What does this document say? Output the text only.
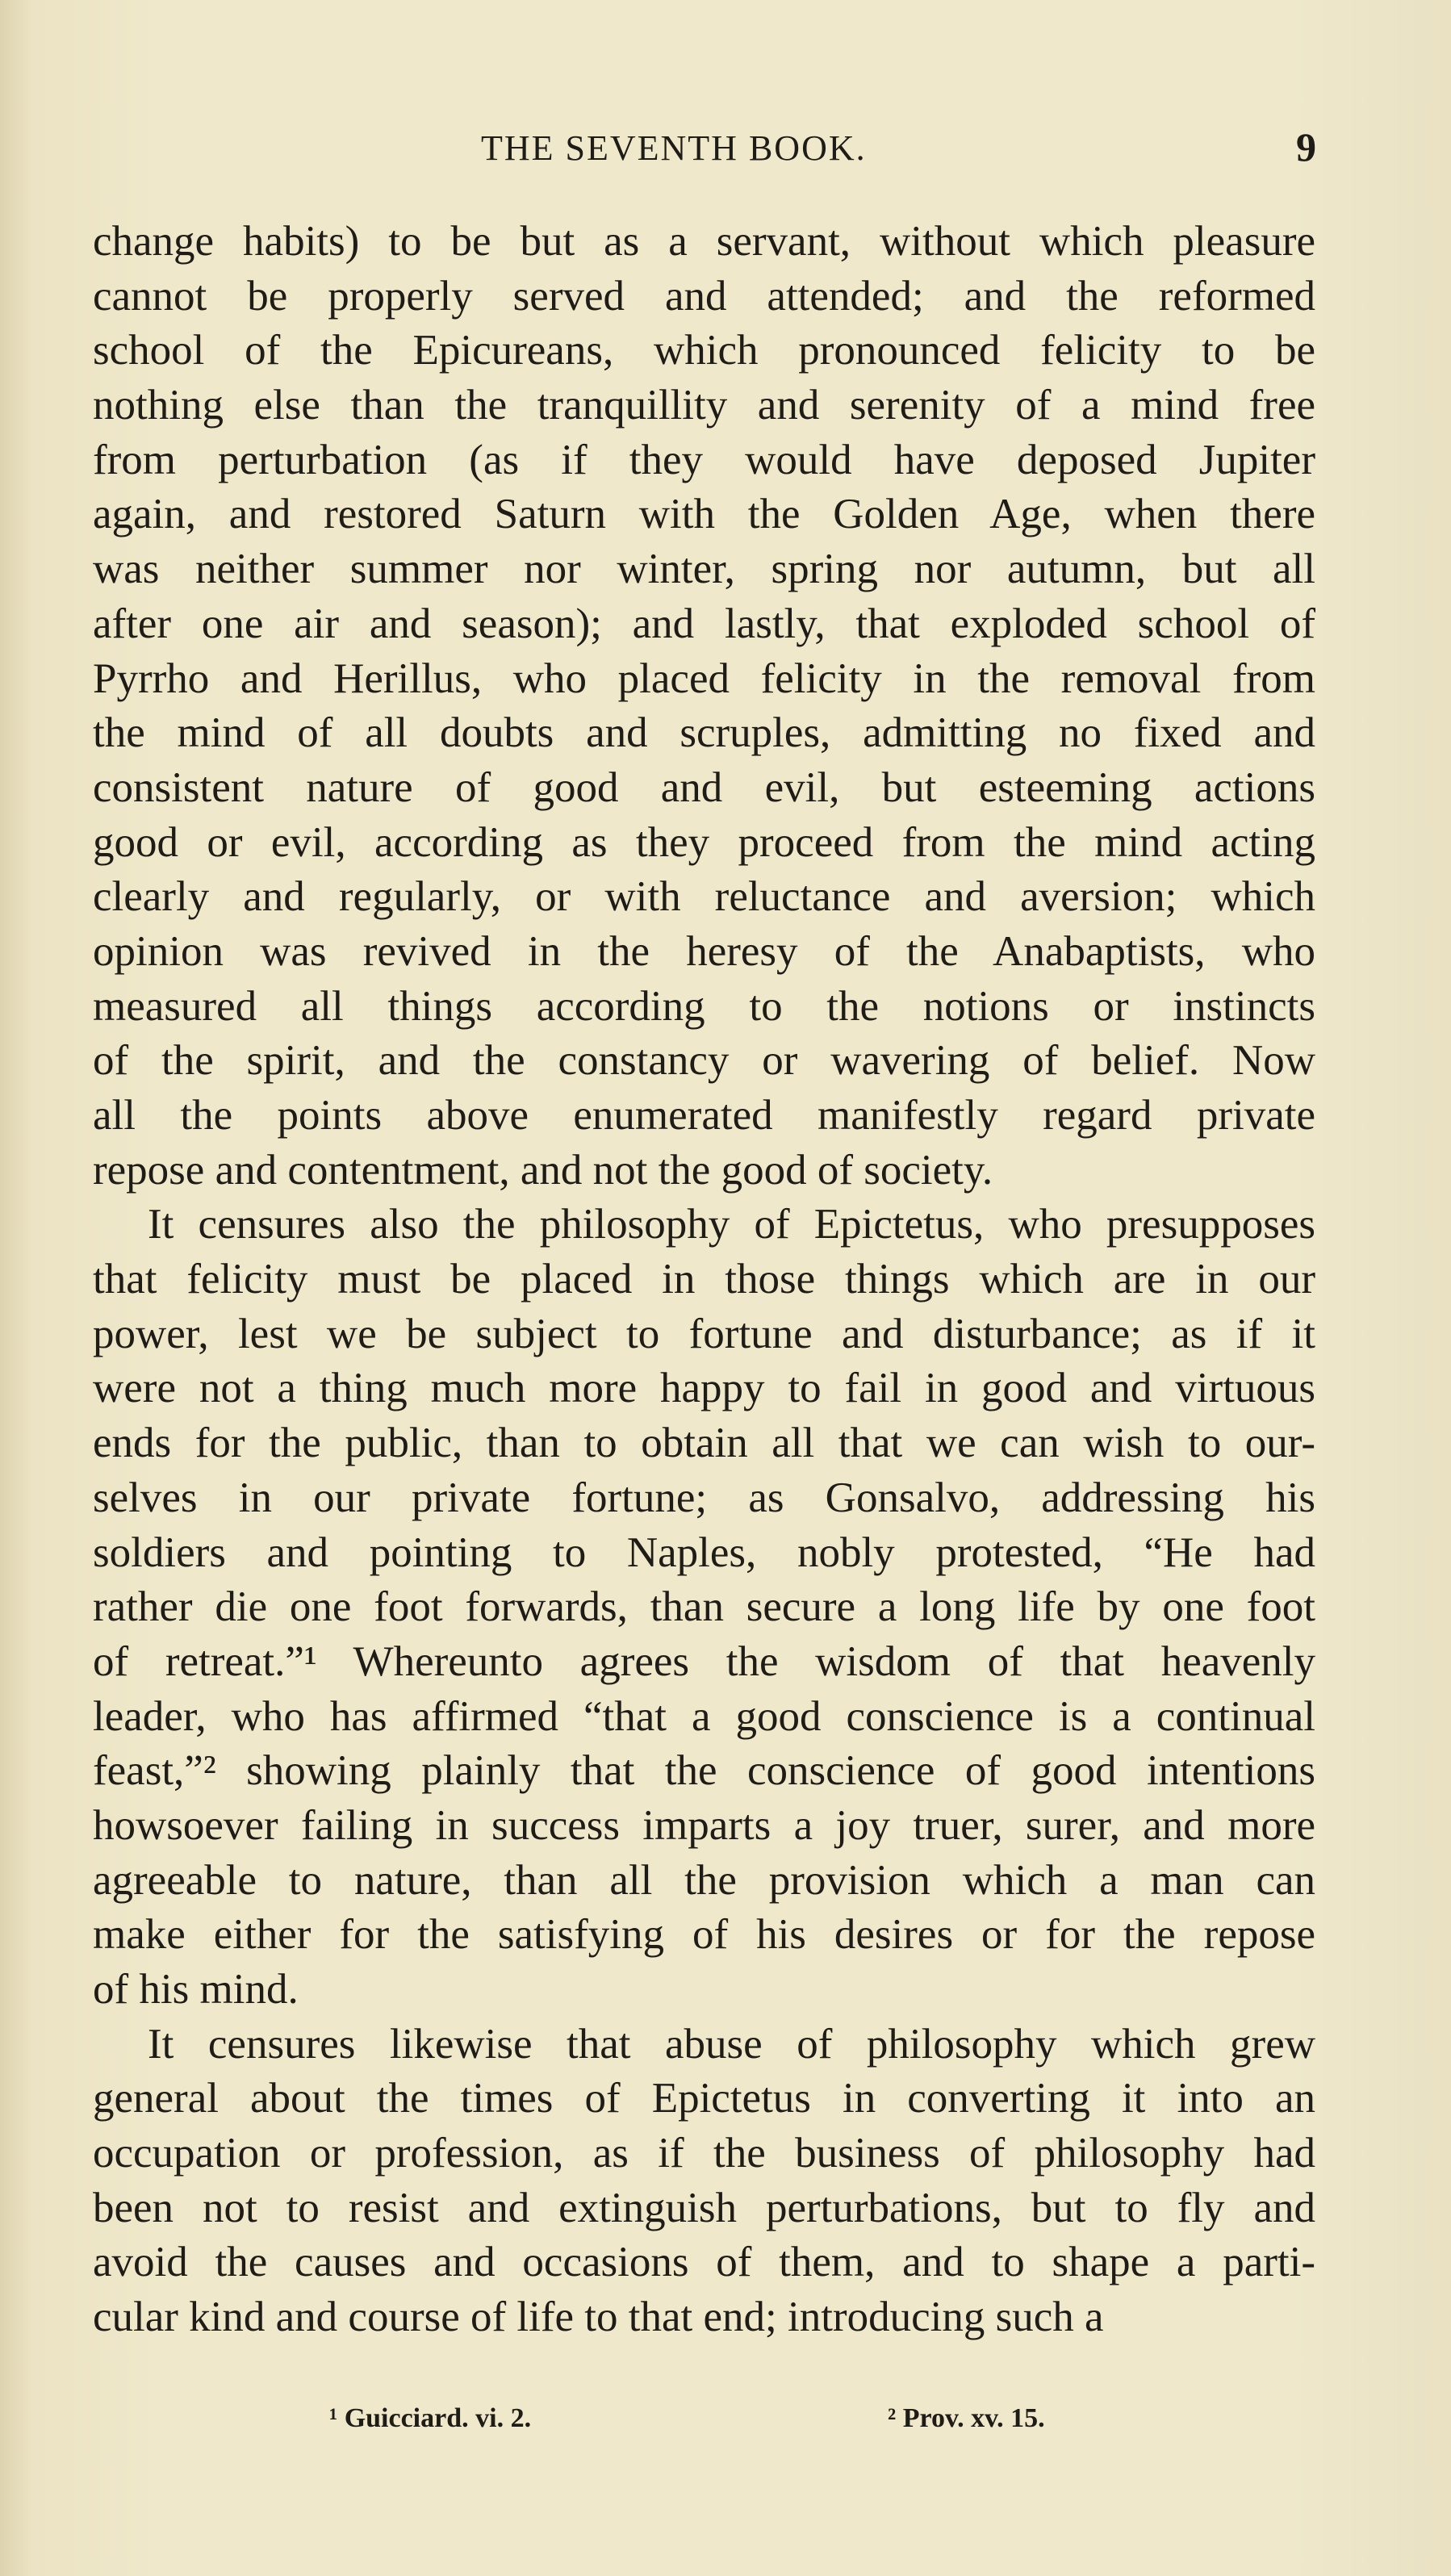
THE SEVENTH BOOK.	9
change habits) to be but as a servant, without which pleasure
cannot be properly served and attended; and the reformed
school of the Epicureans, which pronounced felicity to be
nothing else than the tranquillity and serenity of a mind free
from perturbation (as if they would have deposed Jupiter
again, and restored Saturn with the Golden Age, when there
was neither summer nor winter, spring nor autumn, but all
after one air and season); and lastly, that exploded school of
Pyrrho and Herillus, who placed felicity in the removal from
the mind of all doubts and scruples, admitting no fixed and
consistent nature of good and evil, but esteeming actions
good or evil, according as they proceed from the mind acting
clearly and regularly, or with reluctance and aversion; which
opinion was revived in the heresy of the Anabaptists, who
measured all things according to the notions or instincts
of the spirit, and the constancy or wavering of belief. Now
all the points above enumerated manifestly regard private
repose and contentment, and not the good of society.
It censures also the philosophy of Epictetus, who presupposes
that felicity must be placed in those things which are in our
power, lest we be subject to fortune and disturbance; as if it
were not a thing much more happy to fail in good and virtuous
ends for the public, than to obtain all that we can wish to our-
selves in our private fortune; as Gonsalvo, addressing his
soldiers and pointing to Naples, nobly protested, “He had
rather die one foot forwards, than secure a long life by one foot
of retreat.”¹ Whereunto agrees the wisdom of that heavenly
leader, who has affirmed “that a good conscience is a continual
feast,”² showing plainly that the conscience of good intentions
howsoever failing in success imparts a joy truer, surer, and more
agreeable to nature, than all the provision which a man can
make either for the satisfying of his desires or for the repose
of his mind.
It censures likewise that abuse of philosophy which grew
general about the times of Epictetus in converting it into an
occupation or profession, as if the business of philosophy had
been not to resist and extinguish perturbations, but to fly and
avoid the causes and occasions of them, and to shape a parti-
cular kind and course of life to that end; introducing such a
¹ Guicciard. vi. 2.	² Prov. xv. 15.
